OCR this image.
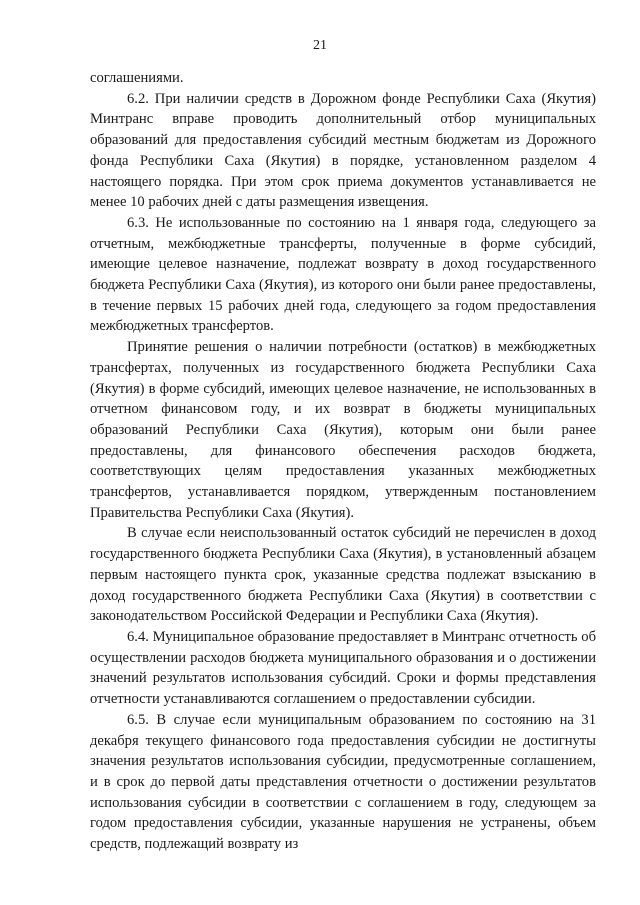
21

соглашениями.

6.2. При наличии средств в Дорожном фонде Республики Саха (Якутия) Минтранс вправе проводить дополнительный отбор муниципальных образований для предоставления субсидий местным бюджетам из Дорожного фонда Республики Саха (Якутия) в порядке, установленном разделом 4 настоящего порядка. При этом срок приема документов устанавливается не менее 10 рабочих дней с даты размещения извещения.

6.3. Не использованные по состоянию на 1 января года, следующего за отчетным, межбюджетные трансферты, полученные в форме субсидий, имеющие целевое назначение, подлежат возврату в доход государственного бюджета Республики Саха (Якутия), из которого они были ранее предоставлены, в течение первых 15 рабочих дней года, следующего за годом предоставления межбюджетных трансфертов.

Принятие решения о наличии потребности (остатков) в межбюджетных трансфертах, полученных из государственного бюджета Республики Саха (Якутия) в форме субсидий, имеющих целевое назначение, не использованных в отчетном финансовом году, и их возврат в бюджеты муниципальных образований Республики Саха (Якутия), которым они были ранее предоставлены, для финансового обеспечения расходов бюджета, соответствующих целям предоставления указанных межбюджетных трансфертов, устанавливается порядком, утвержденным постановлением Правительства Республики Саха (Якутия).

В случае если неиспользованный остаток субсидий не перечислен в доход государственного бюджета Республики Саха (Якутия), в установленный абзацем первым настоящего пункта срок, указанные средства подлежат взысканию в доход государственного бюджета Республики Саха (Якутия) в соответствии с законодательством Российской Федерации и Республики Саха (Якутия).

6.4. Муниципальное образование предоставляет в Минтранс отчетность об осуществлении расходов бюджета муниципального образования и о достижении значений результатов использования субсидий. Сроки и формы представления отчетности устанавливаются соглашением о предоставлении субсидии.

6.5. В случае если муниципальным образованием по состоянию на 31 декабря текущего финансового года предоставления субсидии не достигнуты значения результатов использования субсидии, предусмотренные соглашением, и в срок до первой даты представления отчетности о достижении результатов использования субсидии в соответствии с соглашением в году, следующем за годом предоставления субсидии, указанные нарушения не устранены, объем средств, подлежащий возврату из
